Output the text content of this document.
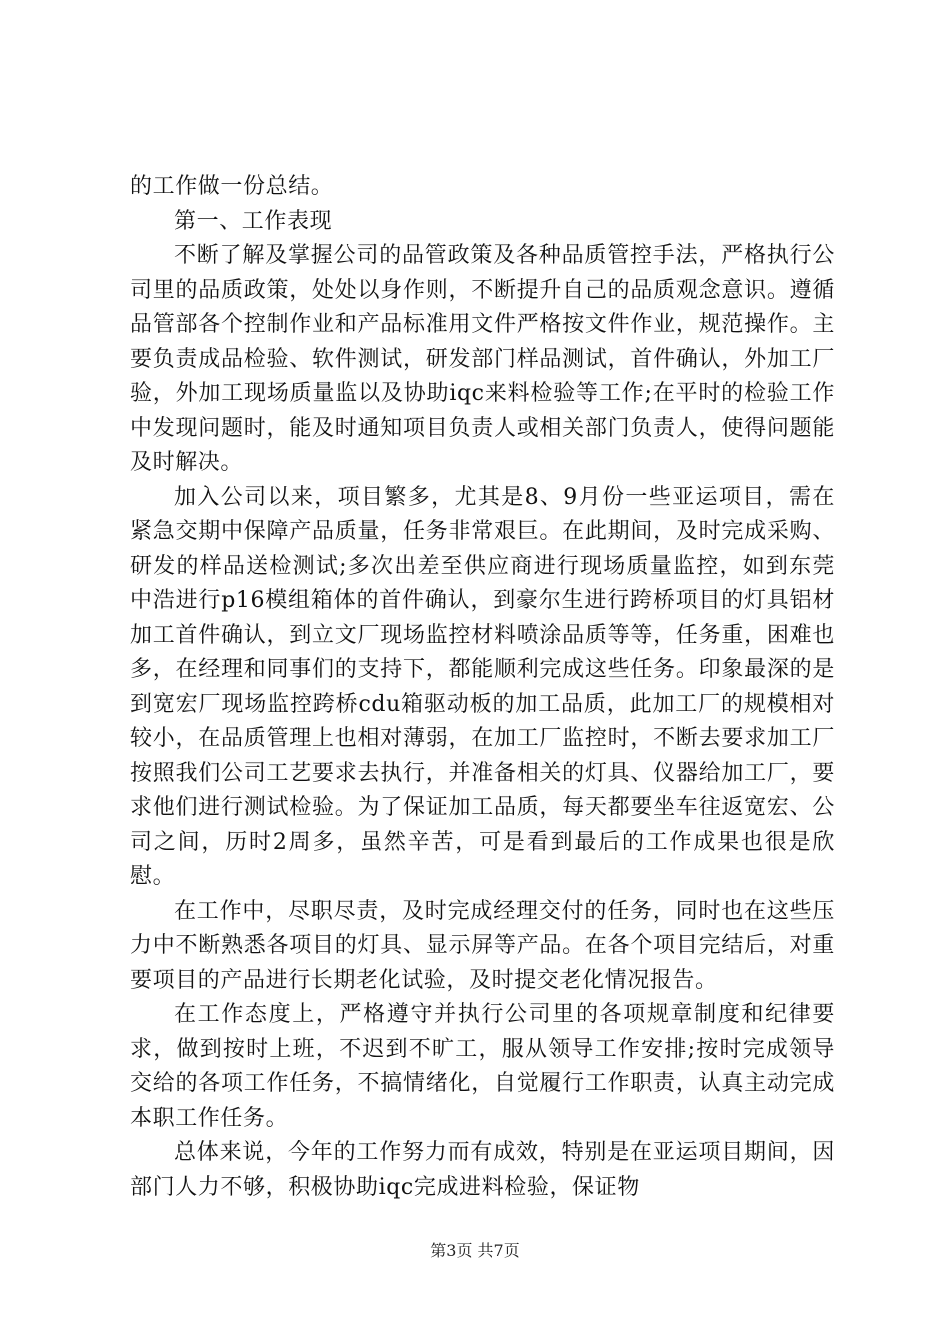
的工作做一份总结。

第一、工作表现

不断了解及掌握公司的品管政策及各种品质管控手法，严格执行公司里的品质政策，处处以身作则，不断提升自己的品质观念意识。遵循品管部各个控制作业和产品标准用文件严格按文件作业，规范操作。主要负责成品检验、软件测试，研发部门样品测试，首件确认，外加工厂验，外加工现场质量监以及协助iqc来料检验等工作;在平时的检验工作中发现问题时，能及时通知项目负责人或相关部门负责人，使得问题能及时解决。

加入公司以来，项目繁多，尤其是8、9月份一些亚运项目，需在紧急交期中保障产品质量，任务非常艰巨。在此期间，及时完成采购、研发的样品送检测试;多次出差至供应商进行现场质量监控，如到东莞中浩进行p16模组箱体的首件确认，到豪尔生进行跨桥项目的灯具铝材加工首件确认，到立文厂现场监控材料喷涂品质等等，任务重，困难也多，在经理和同事们的支持下，都能顺利完成这些任务。印象最深的是到宽宏厂现场监控跨桥cdu箱驱动板的加工品质，此加工厂的规模相对较小，在品质管理上也相对薄弱，在加工厂监控时，不断去要求加工厂按照我们公司工艺要求去执行，并准备相关的灯具、仪器给加工厂，要求他们进行测试检验。为了保证加工品质，每天都要坐车往返宽宏、公司之间，历时2周多，虽然辛苦，可是看到最后的工作成果也很是欣慰。

在工作中，尽职尽责，及时完成经理交付的任务，同时也在这些压力中不断熟悉各项目的灯具、显示屏等产品。在各个项目完结后，对重要项目的产品进行长期老化试验，及时提交老化情况报告。

在工作态度上，严格遵守并执行公司里的各项规章制度和纪律要求，做到按时上班，不迟到不旷工，服从领导工作安排;按时完成领导交给的各项工作任务，不搞情绪化，自觉履行工作职责，认真主动完成本职工作任务。

总体来说，今年的工作努力而有成效，特别是在亚运项目期间，因部门人力不够，积极协助iqc完成进料检验，保证物

第3页 共7页
